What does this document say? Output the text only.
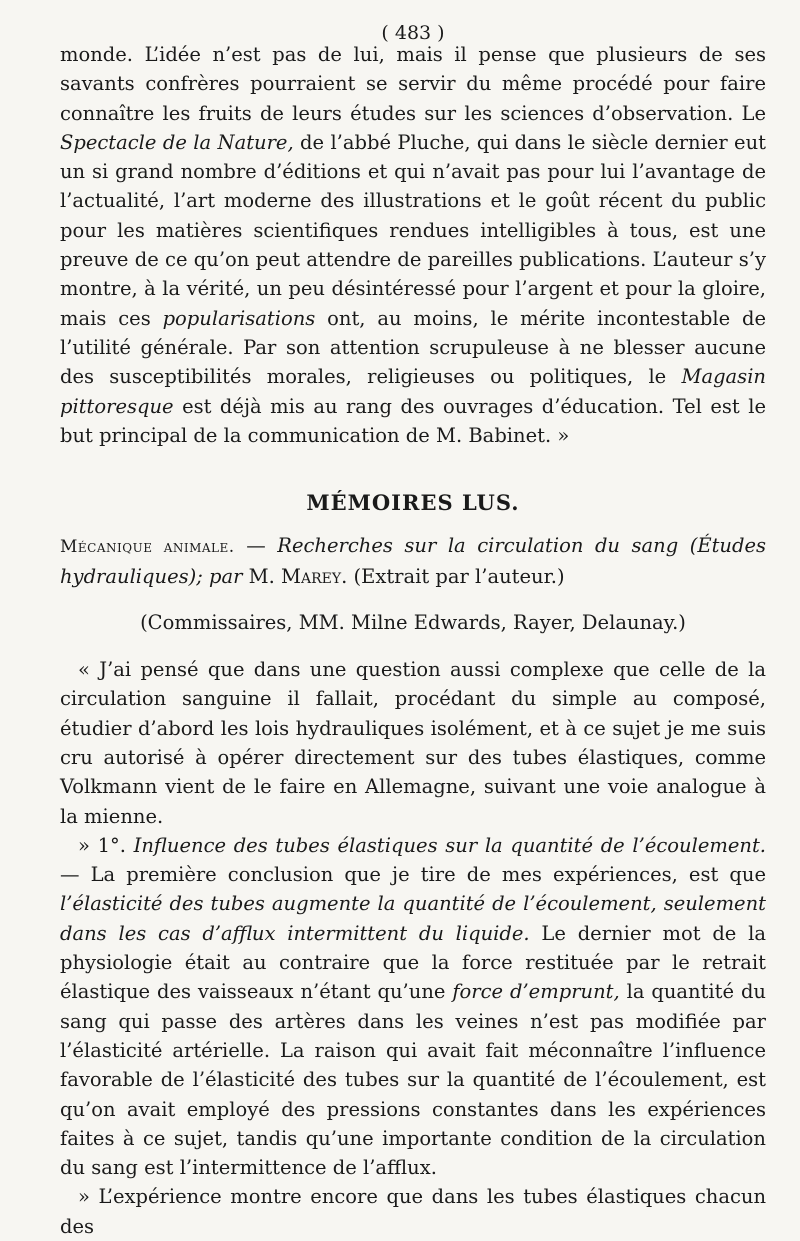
( 483 )

monde. L’idée n’est pas de lui, mais il pense que plusieurs de ses savants confrères pourraient se servir du même procédé pour faire connaître les fruits de leurs études sur les sciences d’observation. Le Spectacle de la Nature, de l’abbé Pluche, qui dans le siècle dernier eut un si grand nombre d’éditions et qui n’avait pas pour lui l’avantage de l’actualité, l’art moderne des illustrations et le goût récent du public pour les matières scientifiques rendues intelligibles à tous, est une preuve de ce qu’on peut attendre de pareilles publications. L’auteur s’y montre, à la vérité, un peu désintéressé pour l’argent et pour la gloire, mais ces popularisations ont, au moins, le mérite incontestable de l’utilité générale. Par son attention scrupuleuse à ne blesser aucune des susceptibilités morales, religieuses ou politiques, le Magasin pittoresque est déjà mis au rang des ouvrages d’éducation. Tel est le but principal de la communication de M. Babinet. »

MÉMOIRES LUS.

Mécanique animale. — Recherches sur la circulation du sang (Études hydrauliques); par M. Marey. (Extrait par l’auteur.)

(Commissaires, MM. Milne Edwards, Rayer, Delaunay.)

« J’ai pensé que dans une question aussi complexe que celle de la circulation sanguine il fallait, procédant du simple au composé, étudier d’abord les lois hydrauliques isolément, et à ce sujet je me suis cru autorisé à opérer directement sur des tubes élastiques, comme Volkmann vient de le faire en Allemagne, suivant une voie analogue à la mienne.

» 1°. Influence des tubes élastiques sur la quantité de l’écoulement. — La première conclusion que je tire de mes expériences, est que l’élasticité des tubes augmente la quantité de l’écoulement, seulement dans les cas d’afflux intermittent du liquide. Le dernier mot de la physiologie était au contraire que la force restituée par le retrait élastique des vaisseaux n’étant qu’une force d’emprunt, la quantité du sang qui passe des artères dans les veines n’est pas modifiée par l’élasticité artérielle. La raison qui avait fait méconnaître l’influence favorable de l’élasticité des tubes sur la quantité de l’écoulement, est qu’on avait employé des pressions constantes dans les expériences faites à ce sujet, tandis qu’une importante condition de la circulation du sang est l’intermittence de l’afflux.

» L’expérience montre encore que dans les tubes élastiques chacun des
